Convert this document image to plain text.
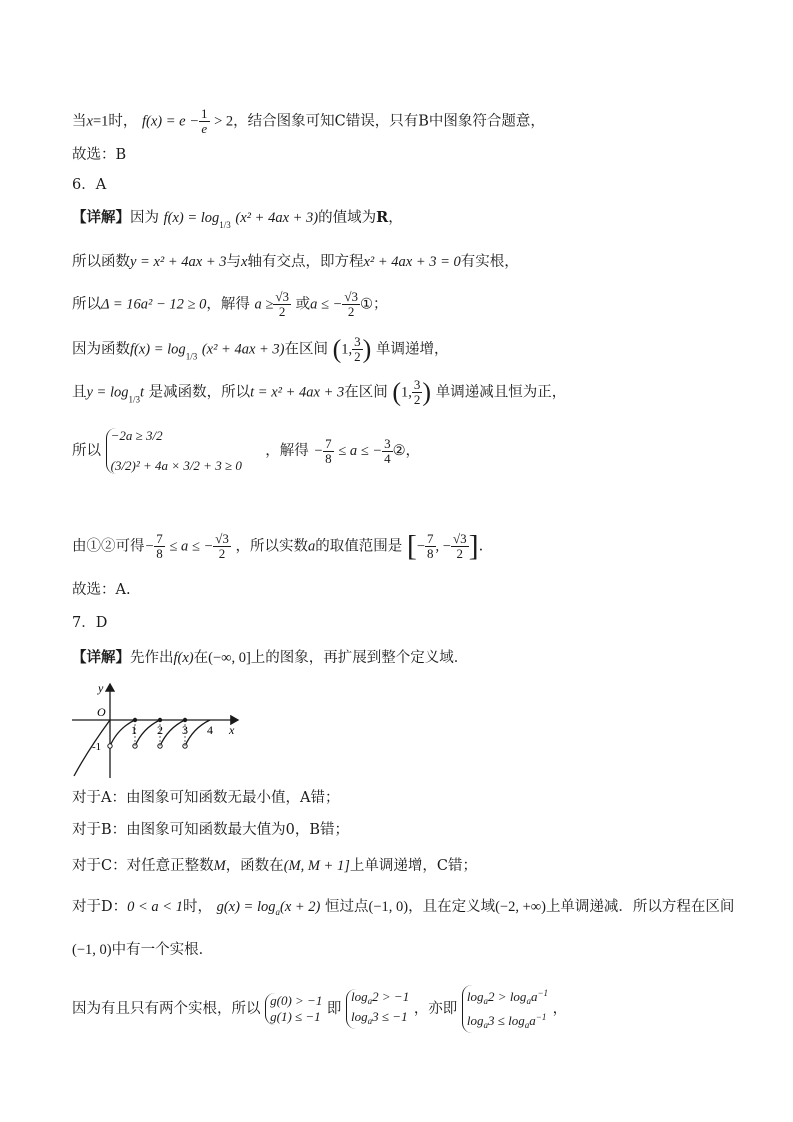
当x=1时， $f(x) = e - \frac{1}{e} > 2$，结合图象可知C错误，只有B中图象符合题意，
故选：B
6．A
【详解】因为 $f(x) = \log_{1/3} (x^2 + 4ax + 3)$的值域为R，
所以函数y = x² + 4ax + 3与x轴有交点，即方程x² + 4ax + 3 = 0有实根，
所以Δ = 16a² − 12 ≥ 0，解得 $a \ge \frac{√3}{2}$ 或a ≤ − $\frac{√3}{2}$ ①；
因为函数$f(x) = \log_{1/3} (x^2 + 4ax + 3)$在区间 (1, $\frac{3}{2}$ ) 单调递增，
且$y = \log_{1/3}t$ 是减函数，所以t = x² + 4ax + 3在区间 (1, $\frac{3}{2}$ ) 单调递减且恒为正，
所以
−2a ≥ 3/2
(3/2)² + 4a × 3/2 + 3 ≥ 0
，解得 − $\frac{7}{8} \le a$ ≤ − $\frac{3}{4}$ ②，
由①②可得− $\frac{7}{8} \le a$ ≤ − $\frac{√3}{2}$ ，所以实数a的取值范围是 [− $\frac{7}{8}$ , − $\frac{√3}{2}$ ].
故选：A.
7．D
【详解】先作出f(x)在(−∞, 0]上的图象，再扩展到整个定义域．
y
x
O
-1
1 2 3 4
对于A：由图象可知函数无最小值，A错；
对于B：由图象可知函数最大值为0，B错；
对于C：对任意正整数M，函数在(M, M + 1]上单调递增，C错；
对于D：0 < a < 1时， $g(x) = \log_a(x + 2)$ 恒过点(−1, 0)，且在定义域(−2, +∞)上单调递减．所以方程在区间
(−1, 0)中有一个实根．
因为有且只有两个实根，所以
g(0) > −1
g(1) ≤ −1 即
$\log_a2 > -1$
$\log_a3 \le -1$ ，亦即
$\log_a2 > \log_aa^{-1}$
$\log_a3 \le \log_aa^{-1}$ ，
